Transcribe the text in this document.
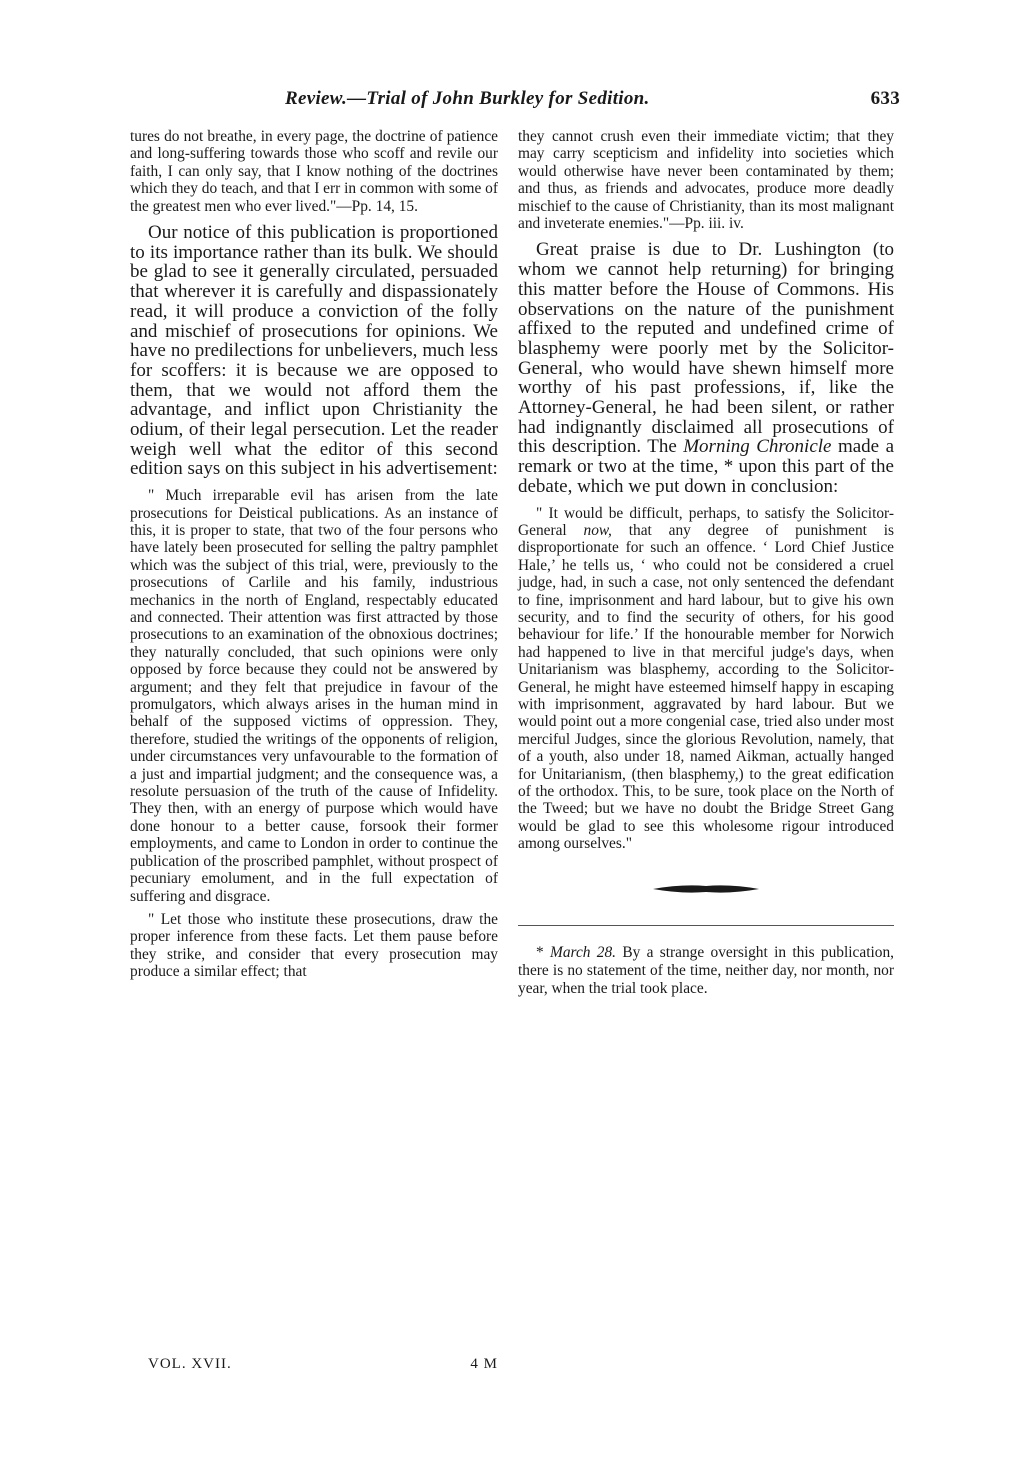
Review.—Trial of John Burkley for Sedition.	633

tures do not breathe, in every page, the doctrine of patience and long-suffering towards those who scoff and revile our faith, I can only say, that I know nothing of the doctrines which they do teach, and that I err in common with some of the greatest men who ever lived."—Pp. 14, 15.

Our notice of this publication is proportioned to its importance rather than its bulk. We should be glad to see it generally circulated, persuaded that wherever it is carefully and dispassionately read, it will produce a conviction of the folly and mischief of prosecutions for opinions. We have no predilections for unbelievers, much less for scoffers: it is because we are opposed to them, that we would not afford them the advantage, and inflict upon Christianity the odium, of their legal persecution. Let the reader weigh well what the editor of this second edition says on this subject in his advertisement:

" Much irreparable evil has arisen from the late prosecutions for Deistical publications. As an instance of this, it is proper to state, that two of the four persons who have lately been prosecuted for selling the paltry pamphlet which was the subject of this trial, were, previously to the prosecutions of Carlile and his family, industrious mechanics in the north of England, respectably educated and connected. Their attention was first attracted by those prosecutions to an examination of the obnoxious doctrines; they naturally concluded, that such opinions were only opposed by force because they could not be answered by argument; and they felt that prejudice in favour of the promulgators, which always arises in the human mind in behalf of the supposed victims of oppression. They, therefore, studied the writings of the opponents of religion, under circumstances very unfavourable to the formation of a just and impartial judgment; and the consequence was, a resolute persuasion of the truth of the cause of Infidelity. They then, with an energy of purpose which would have done honour to a better cause, forsook their former employments, and came to London in order to continue the publication of the proscribed pamphlet, without prospect of pecuniary emolument, and in the full expectation of suffering and disgrace.

" Let those who institute these prosecutions, draw the proper inference from these facts. Let them pause before they strike, and consider that every prosecution may produce a similar effect; that

they cannot crush even their immediate victim; that they may carry scepticism and infidelity into societies which would otherwise have never been contaminated by them; and thus, as friends and advocates, produce more deadly mischief to the cause of Christianity, than its most malignant and inveterate enemies."—Pp. iii. iv.

Great praise is due to Dr. Lushington (to whom we cannot help returning) for bringing this matter before the House of Commons. His observations on the nature of the punishment affixed to the reputed and undefined crime of blasphemy were poorly met by the Solicitor-General, who would have shewn himself more worthy of his past professions, if, like the Attorney-General, he had been silent, or rather had indignantly disclaimed all prosecutions of this description. The Morning Chronicle made a remark or two at the time, * upon this part of the debate, which we put down in conclusion:

" It would be difficult, perhaps, to satisfy the Solicitor-General now, that any degree of punishment is disproportionate for such an offence. ‘ Lord Chief Justice Hale,’ he tells us, ‘ who could not be considered a cruel judge, had, in such a case, not only sentenced the defendant to fine, imprisonment and hard labour, but to give his own security, and to find the security of others, for his good behaviour for life.’ If the honourable member for Norwich had happened to live in that merciful judge's days, when Unitarianism was blasphemy, according to the Solicitor-General, he might have esteemed himself happy in escaping with imprisonment, aggravated by hard labour. But we would point out a more congenial case, tried also under most merciful Judges, since the glorious Revolution, namely, that of a youth, also under 18, named Aikman, actually hanged for Unitarianism, (then blasphemy,) to the great edification of the orthodox. This, to be sure, took place on the North of the Tweed; but we have no doubt the Bridge Street Gang would be glad to see this wholesome rigour introduced among ourselves."

* March 28. By a strange oversight in this publication, there is no statement of the time, neither day, nor month, nor year, when the trial took place.

VOL. XVII.	4 M
